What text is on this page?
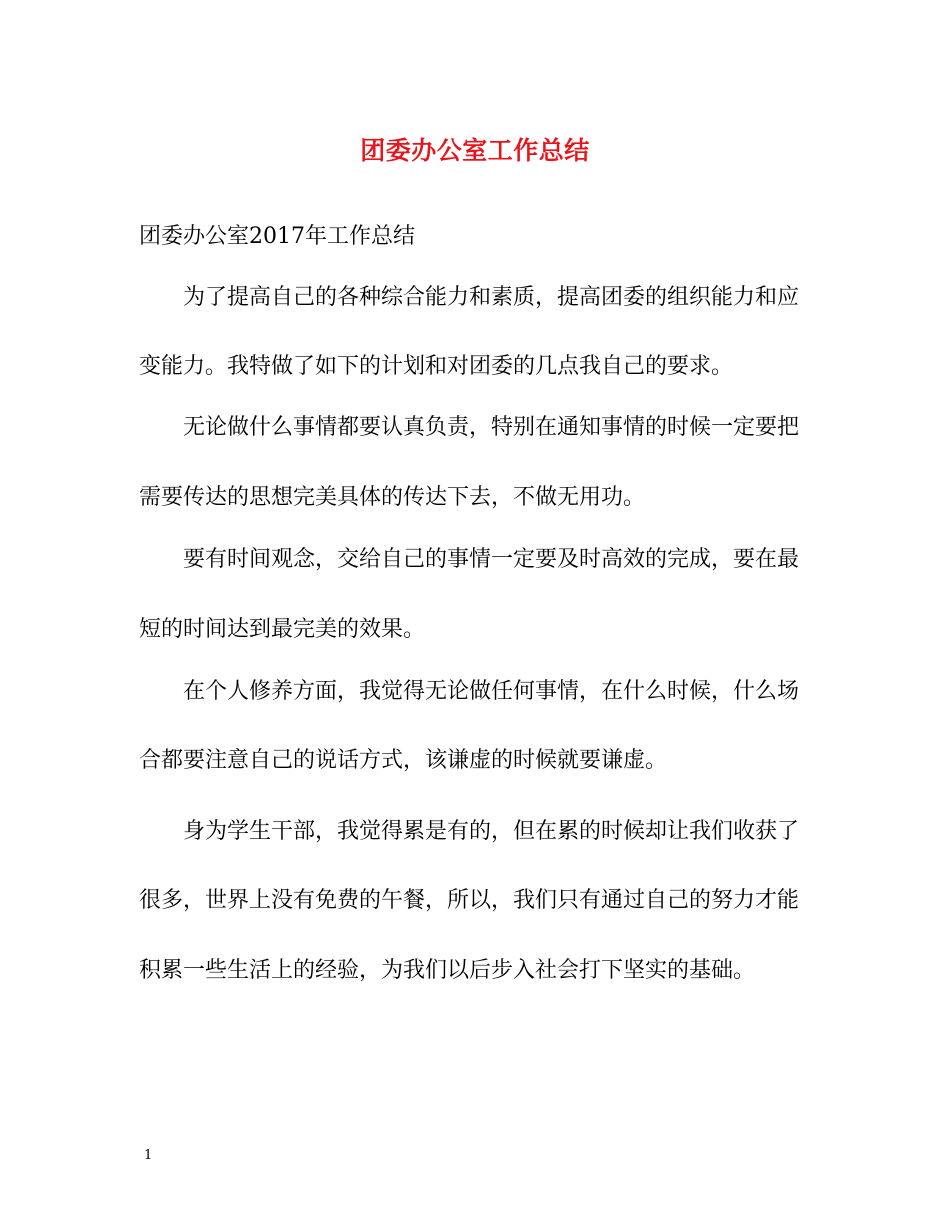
团委办公室工作总结
团委办公室2017年工作总结
为了提高自己的各种综合能力和素质，提高团委的组织能力和应
变能力。我特做了如下的计划和对团委的几点我自己的要求。
无论做什么事情都要认真负责，特别在通知事情的时候一定要把
需要传达的思想完美具体的传达下去，不做无用功。
要有时间观念，交给自己的事情一定要及时高效的完成，要在最
短的时间达到最完美的效果。
在个人修养方面，我觉得无论做任何事情，在什么时候，什么场
合都要注意自己的说话方式，该谦虚的时候就要谦虚。
身为学生干部，我觉得累是有的，但在累的时候却让我们收获了
很多，世界上没有免费的午餐，所以，我们只有通过自己的努力才能
积累一些生活上的经验，为我们以后步入社会打下坚实的基础。
1
